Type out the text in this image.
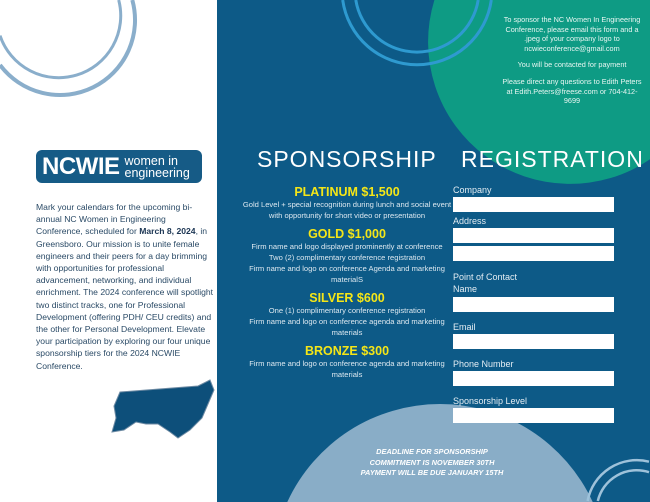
NCWIE women in
engineering
Mark your calendars for the upcoming bi-annual NC Women in Engineering Conference, scheduled for March 8, 2024, in Greensboro. Our mission is to unite female engineers and their peers for a day brimming with opportunities for professional advancement, networking, and individual enrichment. The 2024 conference will spotlight two distinct tracks, one for Professional Development (offering PDH/ CEU credits) and the other for Personal Development. Elevate your participation by exploring our four unique sponsorship tiers for the 2024 NCWIE Conference.
To sponsor the NC Women In Engineering Conference, please email this form and a .jpeg of your company logo to ncwieconference@gmail.com
You will be contacted for payment
Please direct any questions to Edith Peters at Edith.Peters@freese.com or 704-412-9699
SPONSORSHIP REGISTRATION
PLATINUM $1,500
Gold Level + special recognition during lunch and social event with opportunity for short video or presentation
GOLD $1,000
Firm name and logo displayed prominently at conference
Two (2) complimentary conference registration
Firm name and logo on conference Agenda and marketing materialS
SILVER $600
One (1) complimentary conference registration
Firm name and logo on conference agenda and marketing materials
BRONZE $300
Firm name and logo on conference agenda and marketing materials
Company
Address
Point of Contact Name
Email
Phone Number
Sponsorship Level
DEADLINE FOR SPONSORSHIP
COMMITMENT IS NOVEMBER 30TH
PAYMENT WILL BE DUE JANUARY 15TH
